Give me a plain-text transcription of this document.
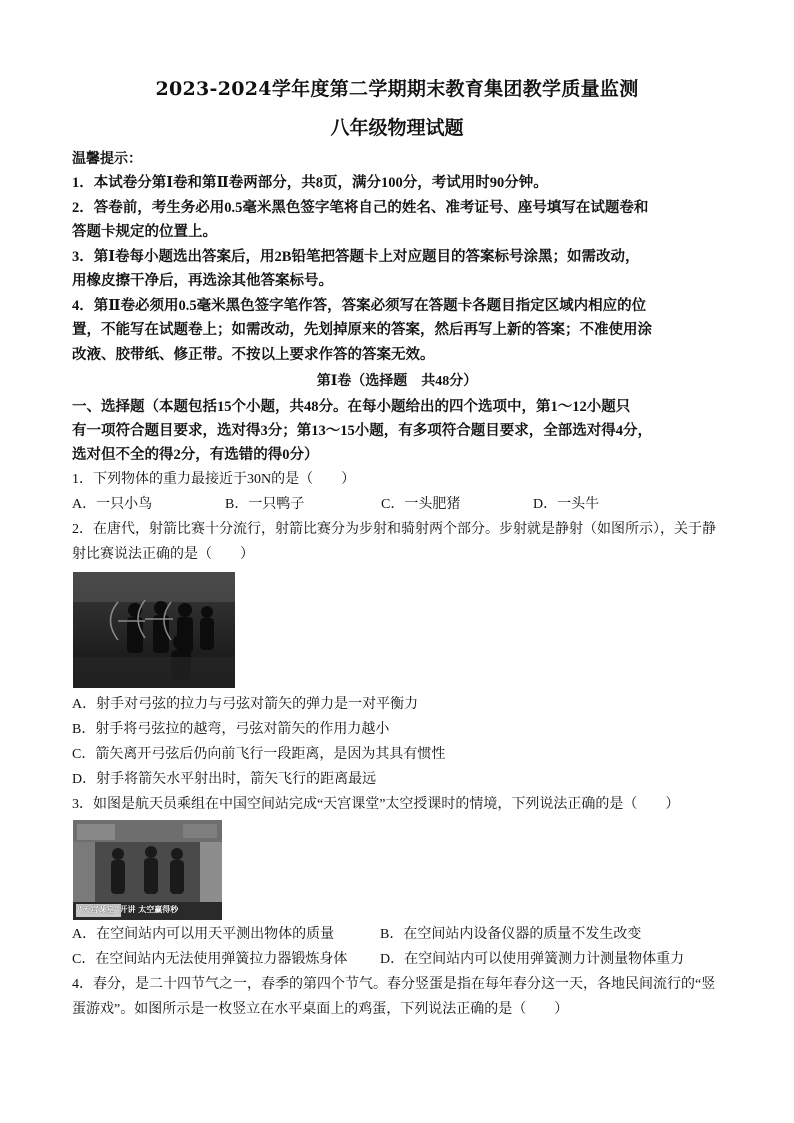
2023-2024学年度第二学期期末教育集团教学质量监测
八年级物理试题
温馨提示：
1．本试卷分第Ⅰ卷和第Ⅱ卷两部分，共8页，满分100分，考试用时90分钟。
2．答卷前，考生务必用0.5毫米黑色签字笔将自己的姓名、准考证号、座号填写在试题卷和
答题卡规定的位置上。
3．第Ⅰ卷每小题选出答案后，用2B铅笔把答题卡上对应题目的答案标号涂黑；如需改动，
用橡皮擦干净后，再选涂其他答案标号。
4．第Ⅱ卷必须用0.5毫米黑色签字笔作答，答案必须写在答题卡各题目指定区域内相应的位
置，不能写在试题卷上；如需改动，先划掉原来的答案，然后再写上新的答案；不准使用涂
改液、胶带纸、修正带。不按以上要求作答的答案无效。
第Ⅰ卷（选择题　共48分）
一、选择题（本题包括15个小题，共48分。在每小题给出的四个选项中，第1～12小题只
有一项符合题目要求，选对得3分；第13～15小题，有多项符合题目要求，全部选对得4分，
选对但不全的得2分，有选错的得0分）
1．下列物体的重力最接近于30N的是（　　）
A．一只小鸟	B．一只鸭子	C．一头肥猪	D．一头牛
2．在唐代，射箭比赛十分流行，射箭比赛分为步射和骑射两个部分。步射就是静射（如图所示），关于静
射比赛说法正确的是（　　）
A．射手对弓弦的拉力与弓弦对箭矢的弹力是一对平衡力
B．射手将弓弦拉的越弯，弓弦对箭矢的作用力越小
C．箭矢离开弓弦后仍向前飞行一段距离，是因为其具有惯性
D．射手将箭矢水平射出时，箭矢飞行的距离最远
3．如图是航天员乘组在中国空间站完成“天宫课堂”太空授课时的情境，下列说法正确的是（　　）
“天宫课堂”开讲 太空赢得秒
A．在空间站内可以用天平测出物体的质量	B．在空间站内设备仪器的质量不发生改变
C．在空间站内无法使用弹簧拉力器锻炼身体 D．在空间站内可以使用弹簧测力计测量物体重力
4．春分，是二十四节气之一，春季的第四个节气。春分竖蛋是指在每年春分这一天，各地民间流行的“竖
蛋游戏”。如图所示是一枚竖立在水平桌面上的鸡蛋，下列说法正确的是（　　）
